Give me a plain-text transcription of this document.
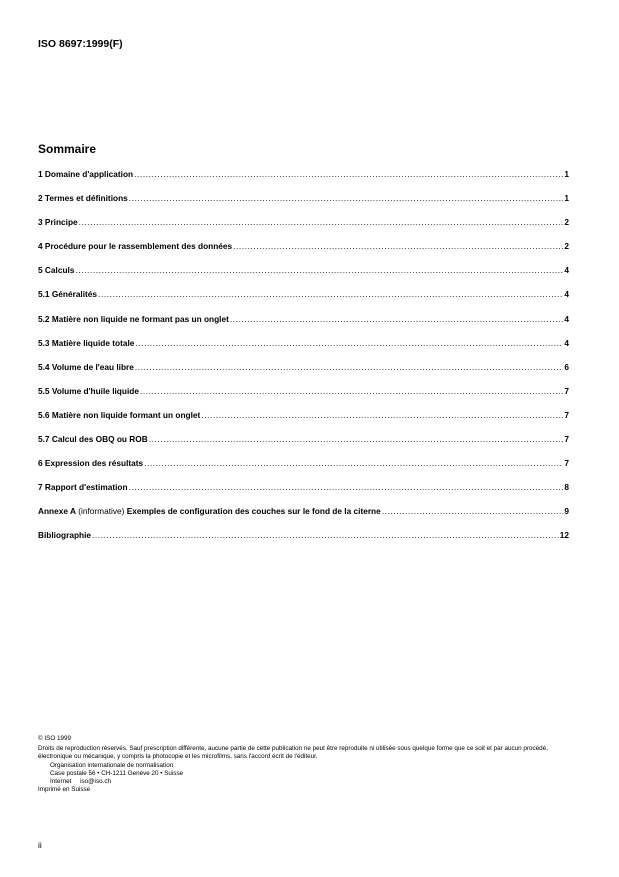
ISO 8697:1999(F)
Sommaire
1 Domaine d'application .....	1
2 Termes et définitions .....	1
3 Principe .....	2
4 Procédure pour le rassemblement des données .....	2
5 Calculs .....	4
5.1 Généralités .....	4
5.2 Matière non liquide ne formant pas un onglet .....	4
5.3 Matière liquide totale .....	4
5.4 Volume de l'eau libre .....	6
5.5 Volume d'huile liquide .....	7
5.6 Matière non liquide formant un onglet .....	7
5.7 Calcul des OBQ ou ROB .....	7
6 Expression des résultats .....	7
7 Rapport d'estimation .....	8
Annexe A (informative) Exemples de configuration des couches sur le fond de la citerne .....	9
Bibliographie .....	12
© ISO 1999
Droits de reproduction réservés. Sauf prescription différente, aucune partie de cette publication ne peut être reproduite ni utilisée sous quelque forme que ce soit et par aucun procédé, électronique ou mécanique, y compris la photocopie et les microfilms, sans l'accord écrit de l'éditeur.
Organisation internationale de normalisation
Case postale 56 • CH-1211 Genève 20 • Suisse
Internet     iso@iso.ch
Imprimé en Suisse
ii
